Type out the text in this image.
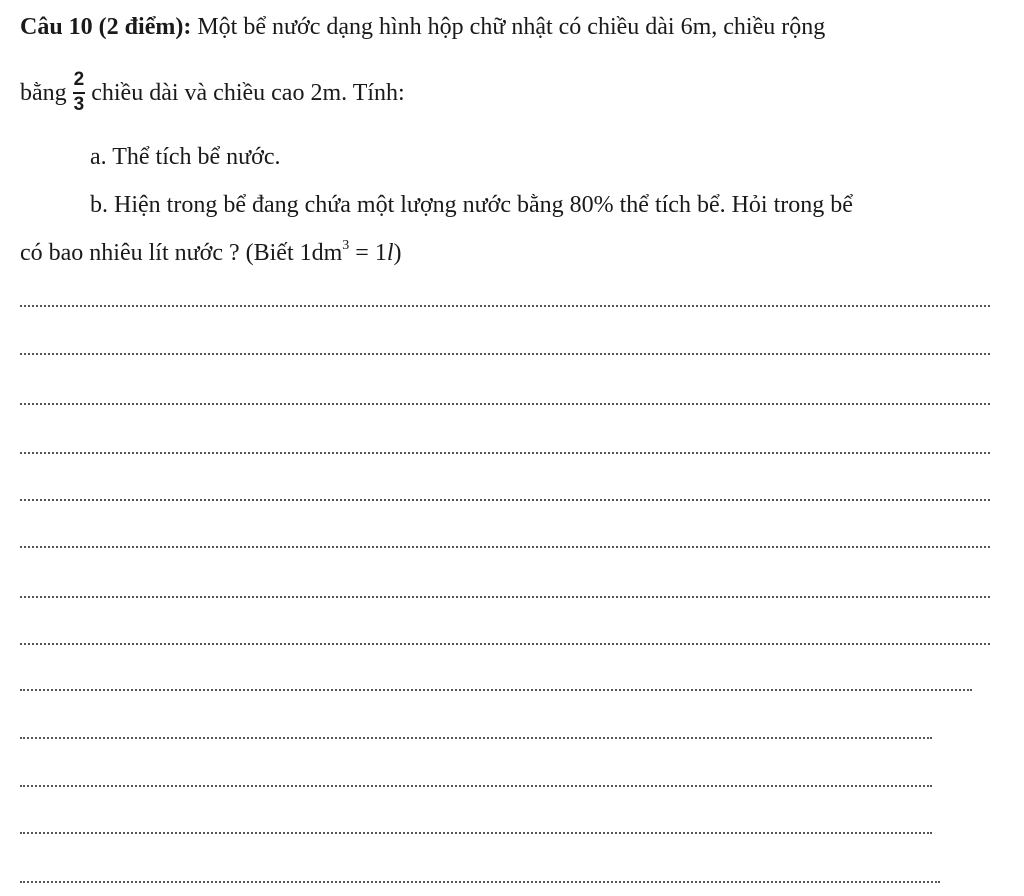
Câu 10 (2 điểm): Một bể nước dạng hình hộp chữ nhật có chiều dài 6m, chiều rộng
bằng $\frac{2}{3}$ chiều dài và chiều cao 2m. Tính:
a. Thể tích bể nước.
b. Hiện trong bể đang chứa một lượng nước bằng 80% thể tích bể. Hỏi trong bể
có bao nhiêu lít nước ? (Biết $1dm^3 = 1l$)
